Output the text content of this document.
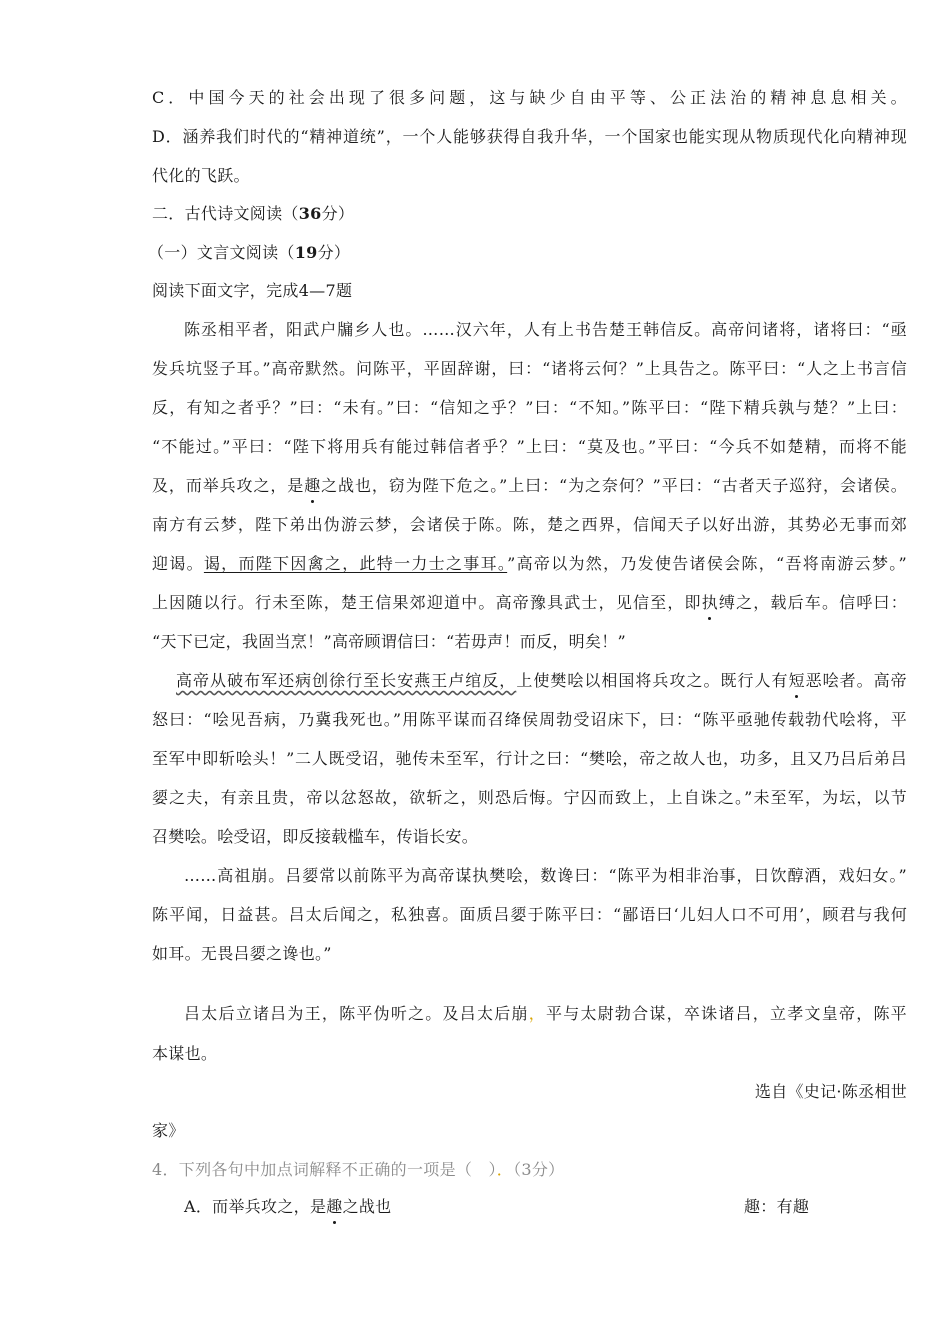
C．中国今天的社会出现了很多问题，这与缺少自由平等、公正法治的精神息息相关。
D．涵养我们时代的“精神道统”，一个人能够获得自我升华，一个国家也能实现从物质现代化向精神现
代化的飞跃。
二．古代诗文阅读（36分）
（一）文言文阅读（19分）
阅读下面文字，完成4—7题
陈丞相平者，阳武户牖乡人也。……汉六年，人有上书告楚王韩信反。高帝问诸将，诸将曰：“亟
发兵坑竖子耳。”高帝默然。问陈平，平固辞谢，曰：“诸将云何？”上具告之。陈平曰：“人之上书言信
反，有知之者乎？”曰：“未有。”曰：“信知之乎？”曰：“不知。”陈平曰：“陛下精兵孰与楚？”上曰：
“不能过。”平曰：“陛下将用兵有能过韩信者乎？”上曰：“莫及也。”平曰：“今兵不如楚精，而将不能
及，而举兵攻之，是趣之战也，窃为陛下危之。”上曰：“为之奈何？”平曰：“古者天子巡狩，会诸侯。
南方有云梦，陛下弟出伪游云梦，会诸侯于陈。陈，楚之西界，信闻天子以好出游，其势必无事而郊
迎谒。谒，而陛下因禽之，此特一力士之事耳。”高帝以为然，乃发使告诸侯会陈，“吾将南游云梦。”
上因随以行。行未至陈，楚王信果郊迎道中。高帝豫具武士，见信至，即执缚之，载后车。信呼曰：
“天下已定，我固当烹！”高帝顾谓信曰：“若毋声！而反，明矣！”
高帝从破布军还病创徐行至长安燕王卢绾反，上使樊哙以相国将兵攻之。既行人有短恶哙者。高帝
怒曰：“哙见吾病，乃冀我死也。”用陈平谋而召绛侯周勃受诏床下，曰：“陈平亟驰传载勃代哙将，平
至军中即斩哙头！”二人既受诏，驰传未至军，行计之曰：“樊哙，帝之故人也，功多，且又乃吕后弟吕
媭之夫，有亲且贵，帝以忿怒故，欲斩之，则恐后悔。宁囚而致上，上自诛之。”未至军，为坛，以节
召樊哙。哙受诏，即反接载槛车，传诣长安。
……高祖崩。吕媭常以前陈平为高帝谋执樊哙，数谗曰：“陈平为相非治事，日饮醇酒，戏妇女。”
陈平闻，日益甚。吕太后闻之，私独喜。面质吕媭于陈平曰：“鄙语曰‘儿妇人口不可用’，顾君与我何
如耳。无畏吕媭之谗也。”
吕太后立诸吕为王，陈平伪听之。及吕太后崩，平与太尉勃合谋，卒诛诸吕，立孝文皇帝，陈平
本谋也。
选自《史记·陈丞相世
家》
4．下列各句中加点词解释不正确的一项是（　）．（3分）
A．而举兵攻之，是趣之战也	趣：有趣
